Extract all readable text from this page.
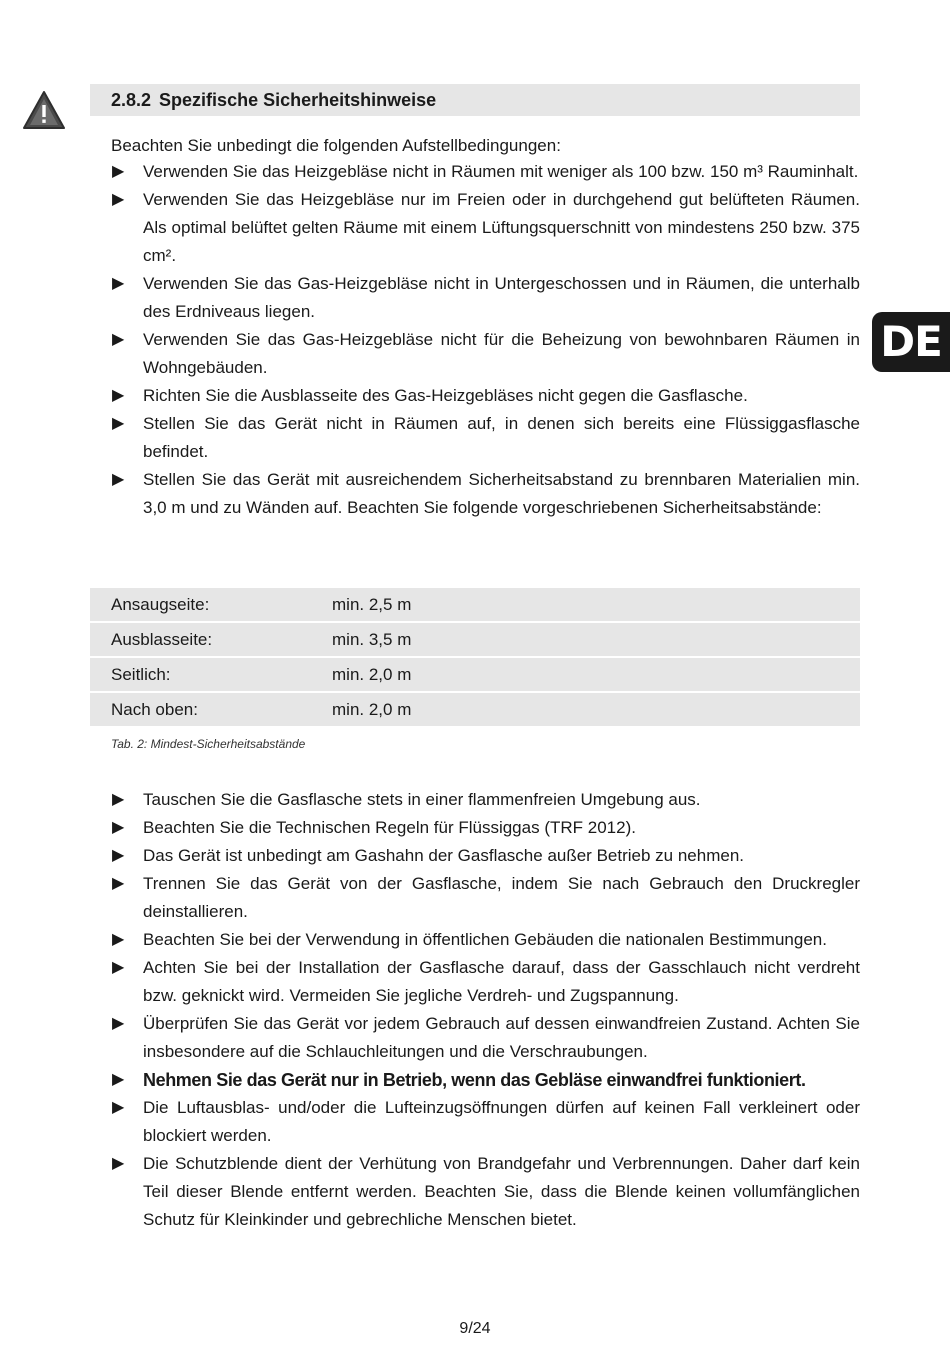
DE
2.8.2 Spezifische Sicherheitshinweise
Beachten Sie unbedingt die folgenden Aufstellbedingungen:
▶ Verwenden Sie das Heizgebläse nicht in Räumen mit weniger als 100 bzw. 150 m³ Rauminhalt.
▶ Verwenden Sie das Heizgebläse nur im Freien oder in durchgehend gut belüfteten Räumen. Als optimal belüftet gelten Räume mit einem Lüftungsquerschnitt von mindestens 250 bzw. 375 cm².
▶ Verwenden Sie das Gas-Heizgebläse nicht in Untergeschossen und in Räumen, die unterhalb des Erdniveaus liegen.
▶ Verwenden Sie das Gas-Heizgebläse nicht für die Beheizung von bewohnbaren Räumen in Wohngebäuden.
▶ Richten Sie die Ausblasseite des Gas-Heizgebläses nicht gegen die Gasflasche.
▶ Stellen Sie das Gerät nicht in Räumen auf, in denen sich bereits eine Flüssiggasflasche befindet.
▶ Stellen Sie das Gerät mit ausreichendem Sicherheitsabstand zu brennbaren Materialien min. 3,0 m und zu Wänden auf. Beachten Sie folgende vorgeschriebenen Sicherheitsabstände:
Ansaugseite:	min. 2,5 m
Ausblasseite:	min. 3,5 m
Seitlich:	min. 2,0 m
Nach oben:	min. 2,0 m
Tab. 2: Mindest-Sicherheitsabstände
▶ Tauschen Sie die Gasflasche stets in einer flammenfreien Umgebung aus.
▶ Beachten Sie die Technischen Regeln für Flüssiggas (TRF 2012).
▶ Das Gerät ist unbedingt am Gashahn der Gasflasche außer Betrieb zu nehmen.
▶ Trennen Sie das Gerät von der Gasflasche, indem Sie nach Gebrauch den Druckregler deinstallieren.
▶ Beachten Sie bei der Verwendung in öffentlichen Gebäuden die nationalen Bestimmungen.
▶ Achten Sie bei der Installation der Gasflasche darauf, dass der Gasschlauch nicht verdreht bzw. geknickt wird. Vermeiden Sie jegliche Verdreh- und Zugspannung.
▶ Überprüfen Sie das Gerät vor jedem Gebrauch auf dessen einwandfreien Zustand. Achten Sie insbesondere auf die Schlauchleitungen und die Verschraubungen.
▶ Nehmen Sie das Gerät nur in Betrieb, wenn das Gebläse einwandfrei funktioniert.
▶ Die Luftausblas- und/oder die Lufteinzugsöffnungen dürfen auf keinen Fall verkleinert oder blockiert werden.
▶ Die Schutzblende dient der Verhütung von Brandgefahr und Verbrennungen. Daher darf kein Teil dieser Blende entfernt werden. Beachten Sie, dass die Blende keinen vollumfänglichen Schutz für Kleinkinder und gebrechliche Menschen bietet.
9/24
